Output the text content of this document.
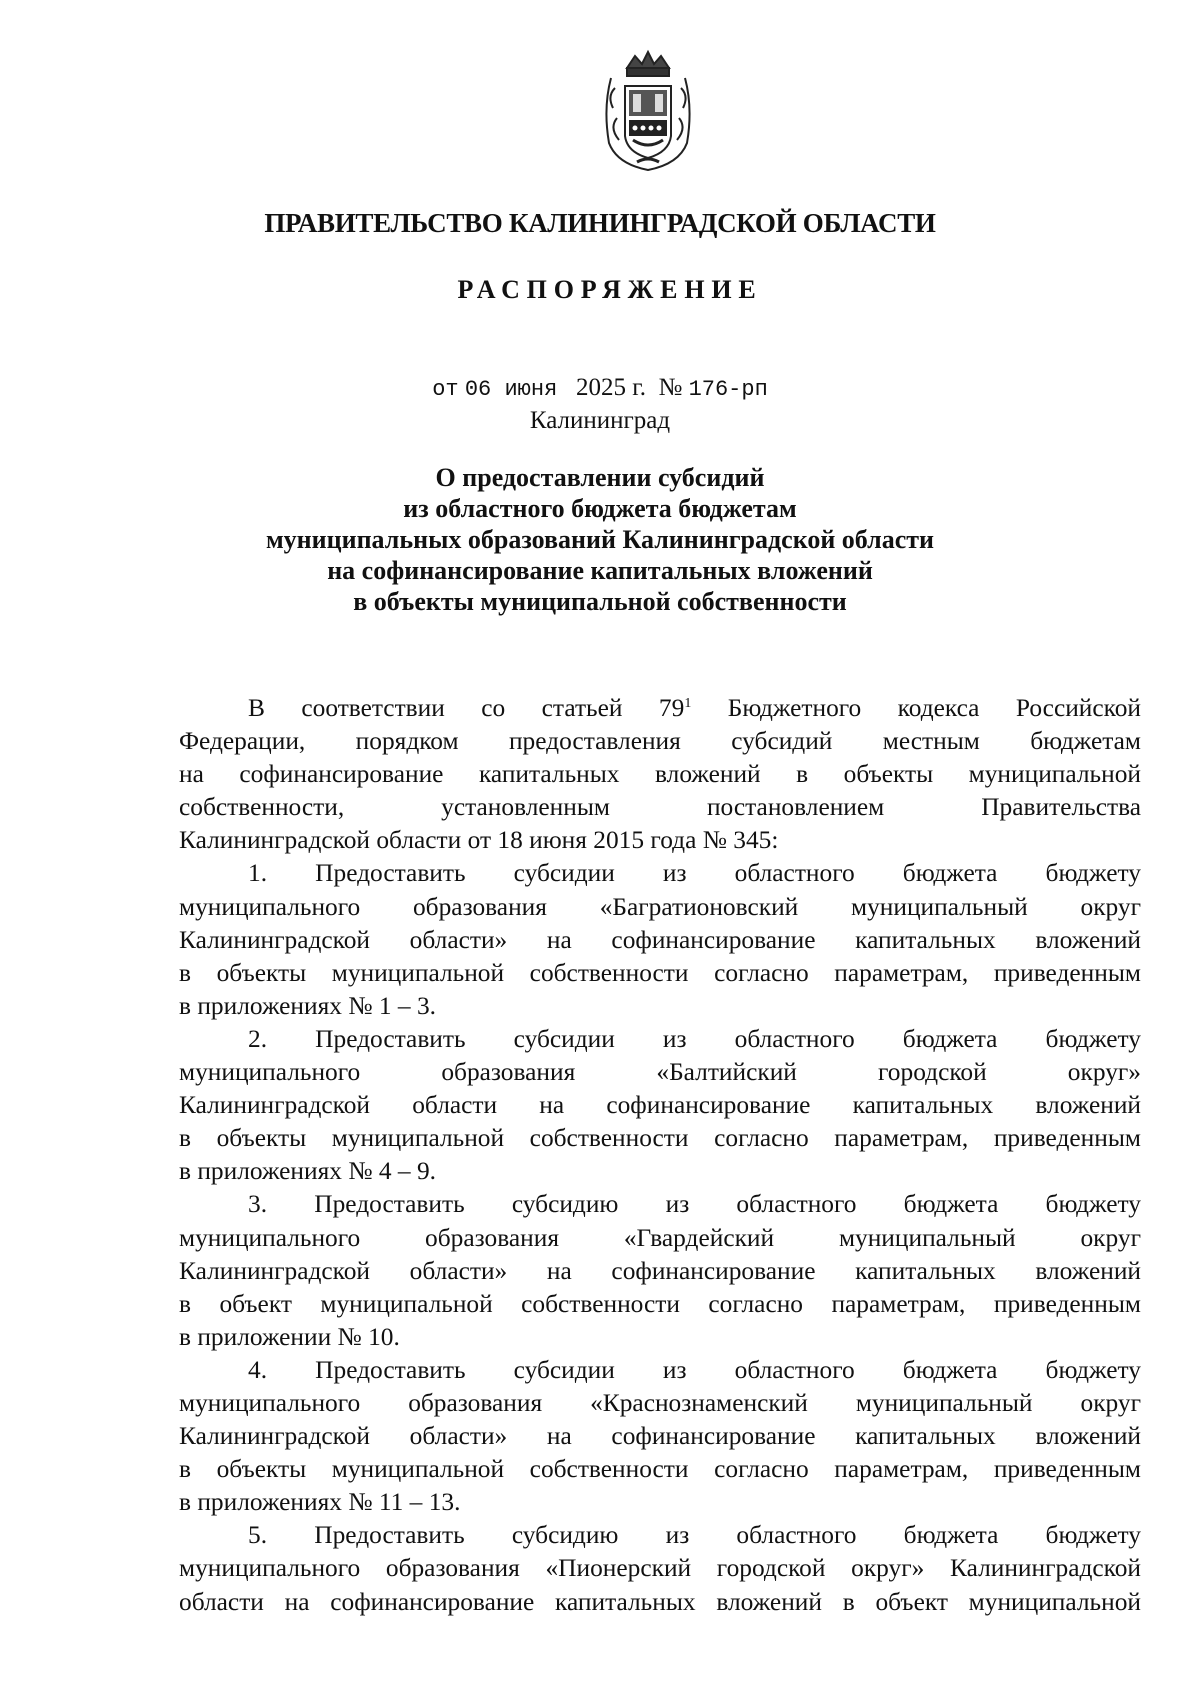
ПРАВИТЕЛЬСТВО КАЛИНИНГРАДСКОЙ ОБЛАСТИ
РАСПОРЯЖЕНИЕ
от 06 июня 2025 г. № 176-рп
Калининград
О предоставлении субсидий
из областного бюджета бюджетам
муниципальных образований Калининградской области
на софинансирование капитальных вложений
в объекты муниципальной собственности
В соответствии со статьей $79^1$ Бюджетного кодекса Российской
Федерации, порядком предоставления субсидий местным бюджетам
на софинансирование капитальных вложений в объекты муниципальной
собственности, установленным постановлением Правительства
Калининградской области от 18 июня 2015 года № 345:
1. Предоставить субсидии из областного бюджета бюджету
муниципального образования «Багратионовский муниципальный округ
Калининградской области» на софинансирование капитальных вложений
в объекты муниципальной собственности согласно параметрам, приведенным
в приложениях № 1 – 3.
2. Предоставить субсидии из областного бюджета бюджету
муниципального образования «Балтийский городской округ»
Калининградской области на софинансирование капитальных вложений
в объекты муниципальной собственности согласно параметрам, приведенным
в приложениях № 4 – 9.
3. Предоставить субсидию из областного бюджета бюджету
муниципального образования «Гвардейский муниципальный округ
Калининградской области» на софинансирование капитальных вложений
в объект муниципальной собственности согласно параметрам, приведенным
в приложении № 10.
4. Предоставить субсидии из областного бюджета бюджету
муниципального образования «Краснознаменский муниципальный округ
Калининградской области» на софинансирование капитальных вложений
в объекты муниципальной собственности согласно параметрам, приведенным
в приложениях № 11 – 13.
5. Предоставить субсидию из областного бюджета бюджету
муниципального образования «Пионерский городской округ» Калининградской
области на софинансирование капитальных вложений в объект муниципальной
